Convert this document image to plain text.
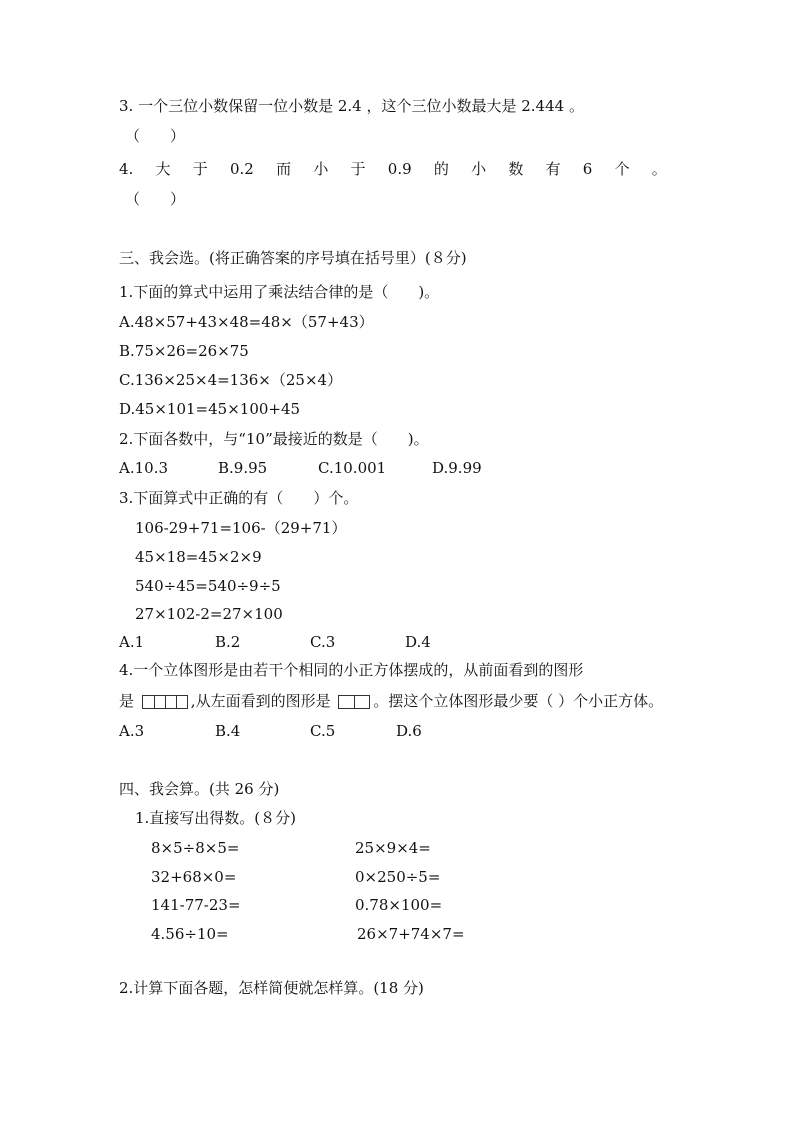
3. 一个三位小数保留一位小数是 2.4 ，这个三位小数最大是 2.444 。
（　　）
4. 大 于 0.2 而 小 于 0.9 的 小 数 有 6 个 。
（　　）
三、我会选。(将正确答案的序号填在括号里）(８分)
1.下面的算式中运用了乘法结合律的是（　　)。
A.48×57+43×48=48×（57+43）
B.75×26=26×75
C.136×25×4=136×（25×4）
D.45×101=45×100+45
2.下面各数中，与“10”最接近的数是（　　)。
A.10.3	B.9.95	C.10.001	D.9.99
3.下面算式中正确的有（　　）个。
106-29+71=106-（29+71）
45×18=45×2×9
540÷45=540÷9÷5
27×102-2=27×100
A.1	B.2	C.3	D.4
4.一个立体图形是由若干个相同的小正方体摆成的，从前面看到的图形
是	,从左面看到的图形是	。摆这个立体图形最少要（ ）个小正方体。
A.3	B.4	C.5	D.6
四、我会算。(共 26 分)
1.直接写出得数。(８分)
8×5÷8×5=	25×9×4=
32+68×0=	0×250÷5=
141-77-23=	0.78×100=
4.56÷10=	26×7+74×7=
2.计算下面各题，怎样简便就怎样算。(18 分)
